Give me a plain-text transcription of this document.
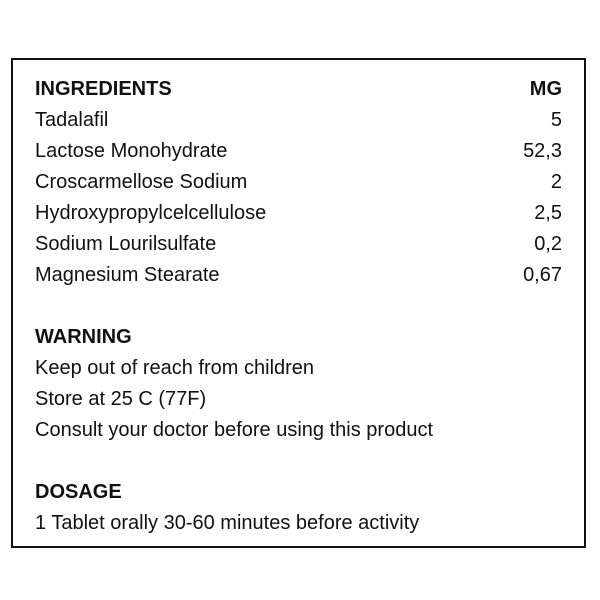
INGREDIENTS	MG
Tadalafil	5
Lactose Monohydrate	52,3
Croscarmellose Sodium	2
Hydroxypropylcelcellulose	2,5
Sodium Lourilsulfate	0,2
Magnesium Stearate	0,67
WARNING
Keep out of reach from children
Store at 25 C (77F)
Consult your doctor before using this product
DOSAGE
1 Tablet orally 30-60 minutes before activity
